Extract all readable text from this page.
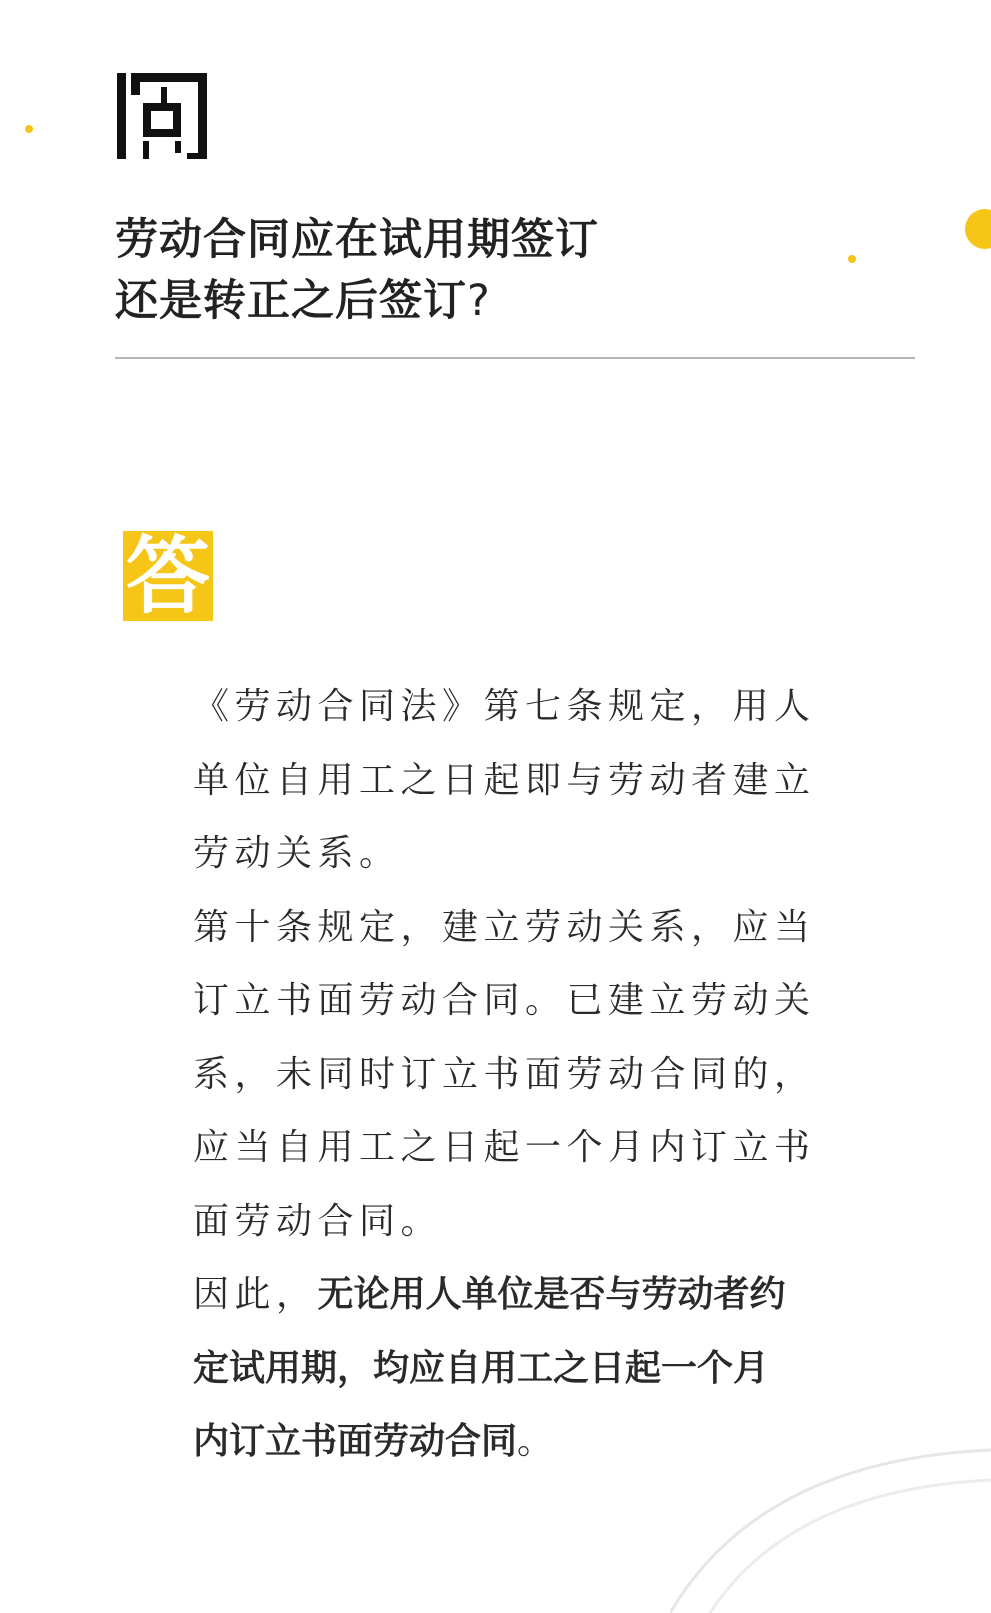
劳动合同应在试用期签订
还是转正之后签订?
答
《劳动合同法》第七条规定，用人
单位自用工之日起即与劳动者建立
劳动关系。
第十条规定，建立劳动关系，应当
订立书面劳动合同。已建立劳动关
系，未同时订立书面劳动合同的，
应当自用工之日起一个月内订立书
面劳动合同。
因此，无论用人单位是否与劳动者约
定试用期，均应自用工之日起一个月
内订立书面劳动合同。
